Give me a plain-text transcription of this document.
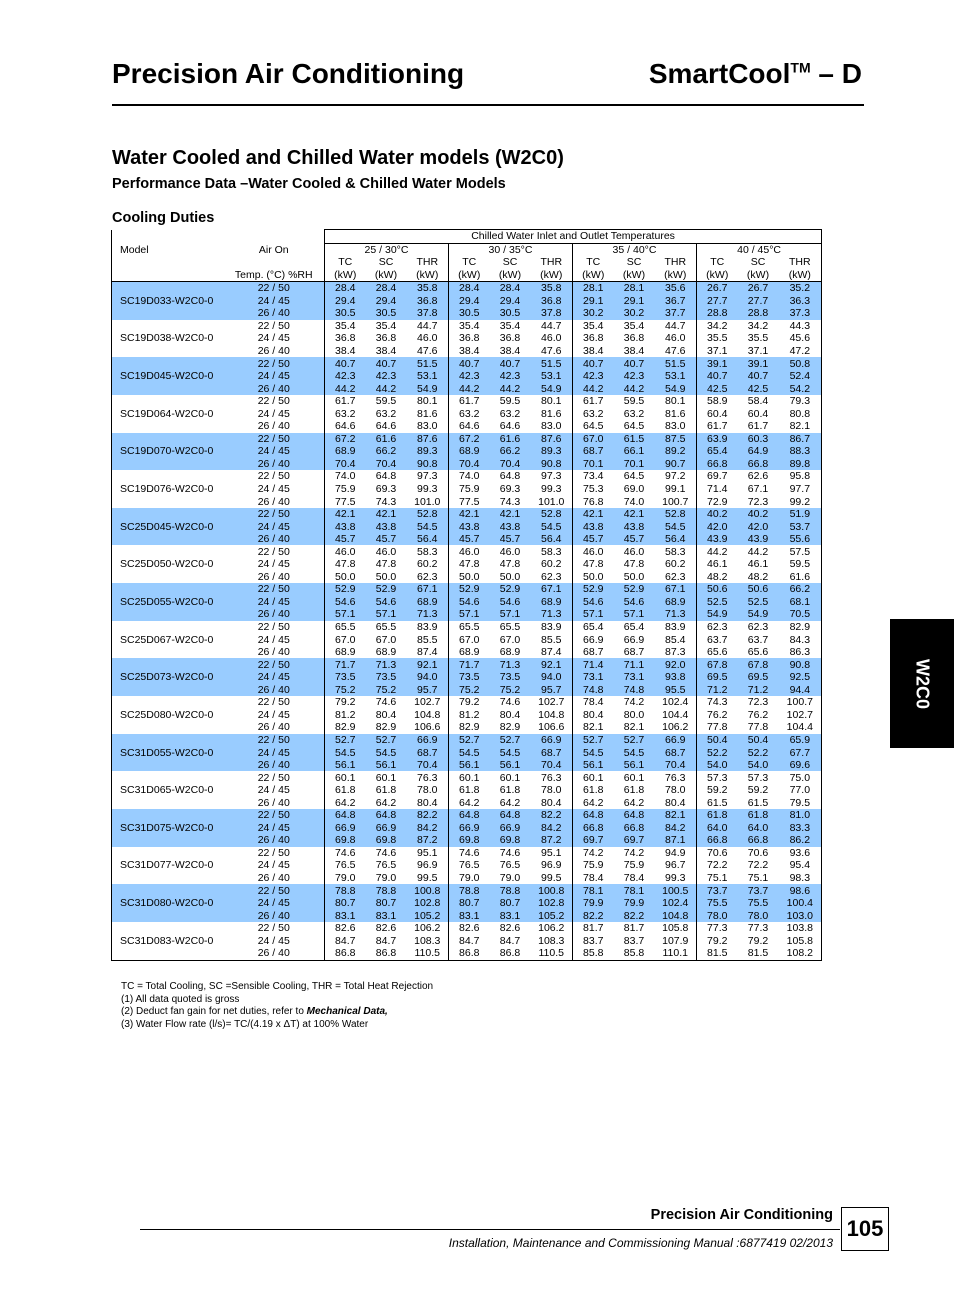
Precision Air Conditioning	SmartCool™ – D
Water Cooled and Chilled Water models (W2C0)
Performance Data –Water Cooled & Chilled Water Models
Cooling Duties
		Chilled Water Inlet and Outlet Temperatures											
Model	Air On	25 / 30°C			30 / 35°C			35 / 40°C			40 / 45°C		
		TC	SC	THR	TC	SC	THR	TC	SC	THR	TC	SC	THR
	Temp. (°C) %RH	(kW)	(kW)	(kW)	(kW)	(kW)	(kW)	(kW)	(kW)	(kW)	(kW)	(kW)	(kW)
	22 / 50	28.4	28.4	35.8	28.4	28.4	35.8	28.1	28.1	35.6	26.7	26.7	35.2
SC19D033-W2C0-0	24 / 45	29.4	29.4	36.8	29.4	29.4	36.8	29.1	29.1	36.7	27.7	27.7	36.3
	26 / 40	30.5	30.5	37.8	30.5	30.5	37.8	30.2	30.2	37.7	28.8	28.8	37.3
	22 / 50	35.4	35.4	44.7	35.4	35.4	44.7	35.4	35.4	44.7	34.2	34.2	44.3
SC19D038-W2C0-0	24 / 45	36.8	36.8	46.0	36.8	36.8	46.0	36.8	36.8	46.0	35.5	35.5	45.6
	26 / 40	38.4	38.4	47.6	38.4	38.4	47.6	38.4	38.4	47.6	37.1	37.1	47.2
	22 / 50	40.7	40.7	51.5	40.7	40.7	51.5	40.7	40.7	51.5	39.1	39.1	50.8
SC19D045-W2C0-0	24 / 45	42.3	42.3	53.1	42.3	42.3	53.1	42.3	42.3	53.1	40.7	40.7	52.4
	26 / 40	44.2	44.2	54.9	44.2	44.2	54.9	44.2	44.2	54.9	42.5	42.5	54.2
	22 / 50	61.7	59.5	80.1	61.7	59.5	80.1	61.7	59.5	80.1	58.9	58.4	79.3
SC19D064-W2C0-0	24 / 45	63.2	63.2	81.6	63.2	63.2	81.6	63.2	63.2	81.6	60.4	60.4	80.8
	26 / 40	64.6	64.6	83.0	64.6	64.6	83.0	64.5	64.5	83.0	61.7	61.7	82.1
	22 / 50	67.2	61.6	87.6	67.2	61.6	87.6	67.0	61.5	87.5	63.9	60.3	86.7
SC19D070-W2C0-0	24 / 45	68.9	66.2	89.3	68.9	66.2	89.3	68.7	66.1	89.2	65.4	64.9	88.3
	26 / 40	70.4	70.4	90.8	70.4	70.4	90.8	70.1	70.1	90.7	66.8	66.8	89.8
	22 / 50	74.0	64.8	97.3	74.0	64.8	97.3	73.4	64.5	97.2	69.7	62.6	95.8
SC19D076-W2C0-0	24 / 45	75.9	69.3	99.3	75.9	69.3	99.3	75.3	69.0	99.1	71.4	67.1	97.7
	26 / 40	77.5	74.3	101.0	77.5	74.3	101.0	76.8	74.0	100.7	72.9	72.3	99.2
	22 / 50	42.1	42.1	52.8	42.1	42.1	52.8	42.1	42.1	52.8	40.2	40.2	51.9
SC25D045-W2C0-0	24 / 45	43.8	43.8	54.5	43.8	43.8	54.5	43.8	43.8	54.5	42.0	42.0	53.7
	26 / 40	45.7	45.7	56.4	45.7	45.7	56.4	45.7	45.7	56.4	43.9	43.9	55.6
	22 / 50	46.0	46.0	58.3	46.0	46.0	58.3	46.0	46.0	58.3	44.2	44.2	57.5
SC25D050-W2C0-0	24 / 45	47.8	47.8	60.2	47.8	47.8	60.2	47.8	47.8	60.2	46.1	46.1	59.5
	26 / 40	50.0	50.0	62.3	50.0	50.0	62.3	50.0	50.0	62.3	48.2	48.2	61.6
	22 / 50	52.9	52.9	67.1	52.9	52.9	67.1	52.9	52.9	67.1	50.6	50.6	66.2
SC25D055-W2C0-0	24 / 45	54.6	54.6	68.9	54.6	54.6	68.9	54.6	54.6	68.9	52.5	52.5	68.1
	26 / 40	57.1	57.1	71.3	57.1	57.1	71.3	57.1	57.1	71.3	54.9	54.9	70.5
	22 / 50	65.5	65.5	83.9	65.5	65.5	83.9	65.4	65.4	83.9	62.3	62.3	82.9
SC25D067-W2C0-0	24 / 45	67.0	67.0	85.5	67.0	67.0	85.5	66.9	66.9	85.4	63.7	63.7	84.3
	26 / 40	68.9	68.9	87.4	68.9	68.9	87.4	68.7	68.7	87.3	65.6	65.6	86.3
	22 / 50	71.7	71.3	92.1	71.7	71.3	92.1	71.4	71.1	92.0	67.8	67.8	90.8
SC25D073-W2C0-0	24 / 45	73.5	73.5	94.0	73.5	73.5	94.0	73.1	73.1	93.8	69.5	69.5	92.5
	26 / 40	75.2	75.2	95.7	75.2	75.2	95.7	74.8	74.8	95.5	71.2	71.2	94.4
	22 / 50	79.2	74.6	102.7	79.2	74.6	102.7	78.4	74.2	102.4	74.3	72.3	100.7
SC25D080-W2C0-0	24 / 45	81.2	80.4	104.8	81.2	80.4	104.8	80.4	80.0	104.4	76.2	76.2	102.7
	26 / 40	82.9	82.9	106.6	82.9	82.9	106.6	82.1	82.1	106.2	77.8	77.8	104.4
	22 / 50	52.7	52.7	66.9	52.7	52.7	66.9	52.7	52.7	66.9	50.4	50.4	65.9
SC31D055-W2C0-0	24 / 45	54.5	54.5	68.7	54.5	54.5	68.7	54.5	54.5	68.7	52.2	52.2	67.7
	26 / 40	56.1	56.1	70.4	56.1	56.1	70.4	56.1	56.1	70.4	54.0	54.0	69.6
	22 / 50	60.1	60.1	76.3	60.1	60.1	76.3	60.1	60.1	76.3	57.3	57.3	75.0
SC31D065-W2C0-0	24 / 45	61.8	61.8	78.0	61.8	61.8	78.0	61.8	61.8	78.0	59.2	59.2	77.0
	26 / 40	64.2	64.2	80.4	64.2	64.2	80.4	64.2	64.2	80.4	61.5	61.5	79.5
	22 / 50	64.8	64.8	82.2	64.8	64.8	82.2	64.8	64.8	82.1	61.8	61.8	81.0
SC31D075-W2C0-0	24 / 45	66.9	66.9	84.2	66.9	66.9	84.2	66.8	66.8	84.2	64.0	64.0	83.3
	26 / 40	69.8	69.8	87.2	69.8	69.8	87.2	69.7	69.7	87.1	66.8	66.8	86.2
	22 / 50	74.6	74.6	95.1	74.6	74.6	95.1	74.2	74.2	94.9	70.6	70.6	93.6
SC31D077-W2C0-0	24 / 45	76.5	76.5	96.9	76.5	76.5	96.9	75.9	75.9	96.7	72.2	72.2	95.4
	26 / 40	79.0	79.0	99.5	79.0	79.0	99.5	78.4	78.4	99.3	75.1	75.1	98.3
	22 / 50	78.8	78.8	100.8	78.8	78.8	100.8	78.1	78.1	100.5	73.7	73.7	98.6
SC31D080-W2C0-0	24 / 45	80.7	80.7	102.8	80.7	80.7	102.8	79.9	79.9	102.4	75.5	75.5	100.4
	26 / 40	83.1	83.1	105.2	83.1	83.1	105.2	82.2	82.2	104.8	78.0	78.0	103.0
	22 / 50	82.6	82.6	106.2	82.6	82.6	106.2	81.7	81.7	105.8	77.3	77.3	103.8
SC31D083-W2C0-0	24 / 45	84.7	84.7	108.3	84.7	84.7	108.3	83.7	83.7	107.9	79.2	79.2	105.8
	26 / 40	86.8	86.8	110.5	86.8	86.8	110.5	85.8	85.8	110.1	81.5	81.5	108.2
TC = Total Cooling, SC =Sensible Cooling, THR = Total Heat Rejection
(1) All data quoted is gross
(2) Deduct fan gain for net duties, refer to Mechanical Data,
(3) Water Flow rate (l/s)= TC/(4.19 x ΔT) at 100% Water
W2C0
Precision Air Conditioning
Installation, Maintenance and Commissioning Manual :6877419 02/2013
105
